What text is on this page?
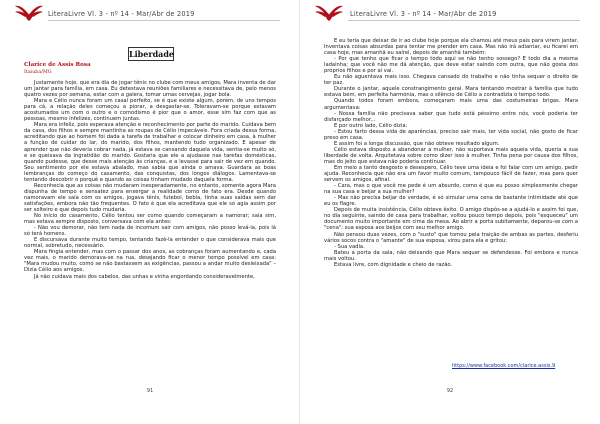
LiteraLivre Vl. 3 - nº 14 - Mar/Abr de 2019
Liberdade
Clarice de Assis Rosa
Itaiuba/MG

Justamente hoje, que era dia de jogar tênis no clube com meus amigos, Mara inventa de dar um jantar para família, em casa. Eu detestava reuniões familiares e necessitava de, pelo menos quatro vezes por semana, estar com a galera, tomar umas cervejas, jogar bola.

Mara e Célio nunca foram um casal perfeito, se é que existe algum, porém, de uns tempos para cá, a relação deles começou a piorar, a desgastar-se. Toleravam-se porque estavam acostumados um com o outro e o comodismo é pior que o amor, esse sim faz com que as pessoas, mesmo infelizes, continuem juntas.

Mara era infeliz, pois esperava atenção e reconhecimento por parte do marido. Cuidava bem da casa, dos filhos e sempre mantinha as roupas de Célio impecáveis. Fora criada dessa forma, acreditando que ao homem foi dada a tarefa de trabalhar e colocar dinheiro em casa, à mulher a função de cuidar do lar, do marido, dos filhos, mantendo tudo organizado. E apesar de aprender que não deveria cobrar nada, já estava se cansando daquela vida, sentia-se muito só, e se queixava da ingratidão do marido. Gostaria que ele a ajudasse nas tarefas domésticas, quando pudesse, que desse mais atenção às crianças, e a levasse para sair de vez em quando. Seu sentimento por ele estava abalado, mas sabia que ainda o amava. Guardara as boas lembranças do começo do casamento, das conquistas, dos longos diálogos. Lamentava-se tentando descobrir o porquê e quando as coisas tinham mudado daquela forma.

Reconhecia que as coisas não mudaram inesperadamente, no entanto, somente agora Mara dispunha de tempo e sensatez para enxergar a realidade como de fato era. Desde quando namoravam ele saía com os amigos, jogava tênis, futebol, bebia, tinha suas saídas sem dar satisfações, embora não tão frequentes. O fato é que ela acreditava que ele só agia assim por ser solteiro e que depois tudo mudaria.

No início do casamento, Célio tentou ser como quando começaram a namorar; saía sim, mas estava sempre disposto, conversava com ela antes:

- Não vou demorar, não tem nada de incomum sair com amigos, não posso levá-la, pois lá só terá homens.

E discursava durante muito tempo, tentando fazê-la entender o que considerava mais que normal, sobretudo, necessário.

Mara fingia entender, mas com o passar dos anos, as cobranças foram aumentando e, cada vez mais, o marido demorava-se na rua, desejando ficar o menor tempo possível em casa: "Mara mudou muito, como se não bastassem as exigências, passou a andar muito desleixada" – Dizia Célio aos amigos.

Já não cuidava mais dos cabelos, das unhas e vinha engordando consideravelmente,

91
LiteraLivre Vl. 3 - nº 14 - Mar/Abr de 2019

E eu teria que deixar de ir ao clube hoje porque ela chamou até meus pais para virem jantar. Inventava coisas absurdas para tentar me prender em casa. Mas não irá adiantar, eu ficarei em casa hoje, mas amanhã eu saírei, depois de amanhã também:

- Por que tenho que ficar o tempo todo aqui se não tenho sossego? E todo dia a mesma ladainha; que você não me dá atenção, que deve estar saindo com outra, que não gosta dos próprios filhos e por aí vai.

Eu não aguentava mais isso. Chegava cansado do trabalho e não tinha sequer o direito de ter paz.

Durante o jantar, aquele constrangimento geral. Mara tentando mostrar à família que tudo estava bem, em perfeita harmonia, mas o silêncio de Célio a contradizia o tempo todo.

Quando todos foram embora, começaram mais uma das costumeiras brigas. Mara argumentava:

- Nossa família não precisava saber que tudo está péssimo entre nós, você poderia ter disfarçado melhor...

E por outro lado, Célio dizia:

- Estou farto dessa vida de aparências, preciso sair mais, ter vida social, não gosto de ficar preso em casa.

E assim foi a longa discussão, que não obteve resultado algum.

Célio estava disposto a abandonar a mulher, não suportava mais aquela vida, queria a sua liberdade de volta. Arquitetava sobre como dizer isso à mulher. Tinha pena por causa dos filhos, mas do jeito que estava não poderia continuar.

Em meio a tanto desgosto e desespero, Célio teve uma ideia e foi falar com um amigo, pedir ajuda. Reconhecia que não era um favor muito comum, tampouco fácil de fazer, mas para quer servem os amigos, afinal.

- Cara, mas o que você me pede é um absurdo, como é que eu posso simplesmente chegar na sua casa e beijar a sua mulher?

- Mas não precisa beijar de verdade, é só simular uma cena de bastante intimidade até que eu os flagre.

Depois de muita insistência, Célio obteve êxito. O amigo dispôs-se a ajudá-lo e assim foi que, no dia seguinte, saindo de casa para trabalhar, voltou pouco tempo depois, pois "esqueceu" um documento muito importante em cima da mesa. Ao abrir a porta subitamente, deparou-se com a "cena"; sua esposa aos beijos com seu melhor amigo.

Não pensou duas vezes, com o "susto" que tomou pela traição de ambas as partes, desferiu vários socos contra o "amante" de sua esposa, virou para ela e gritou:

- Sua vadia.

Bateu a porta da sala, não deixando que Mara sequer se defendesse. Foi embora e nunca mais voltou.

Estava livre, com dignidade e cheio de razão.

https://www.facebook.com/clarice.assis.9
92
